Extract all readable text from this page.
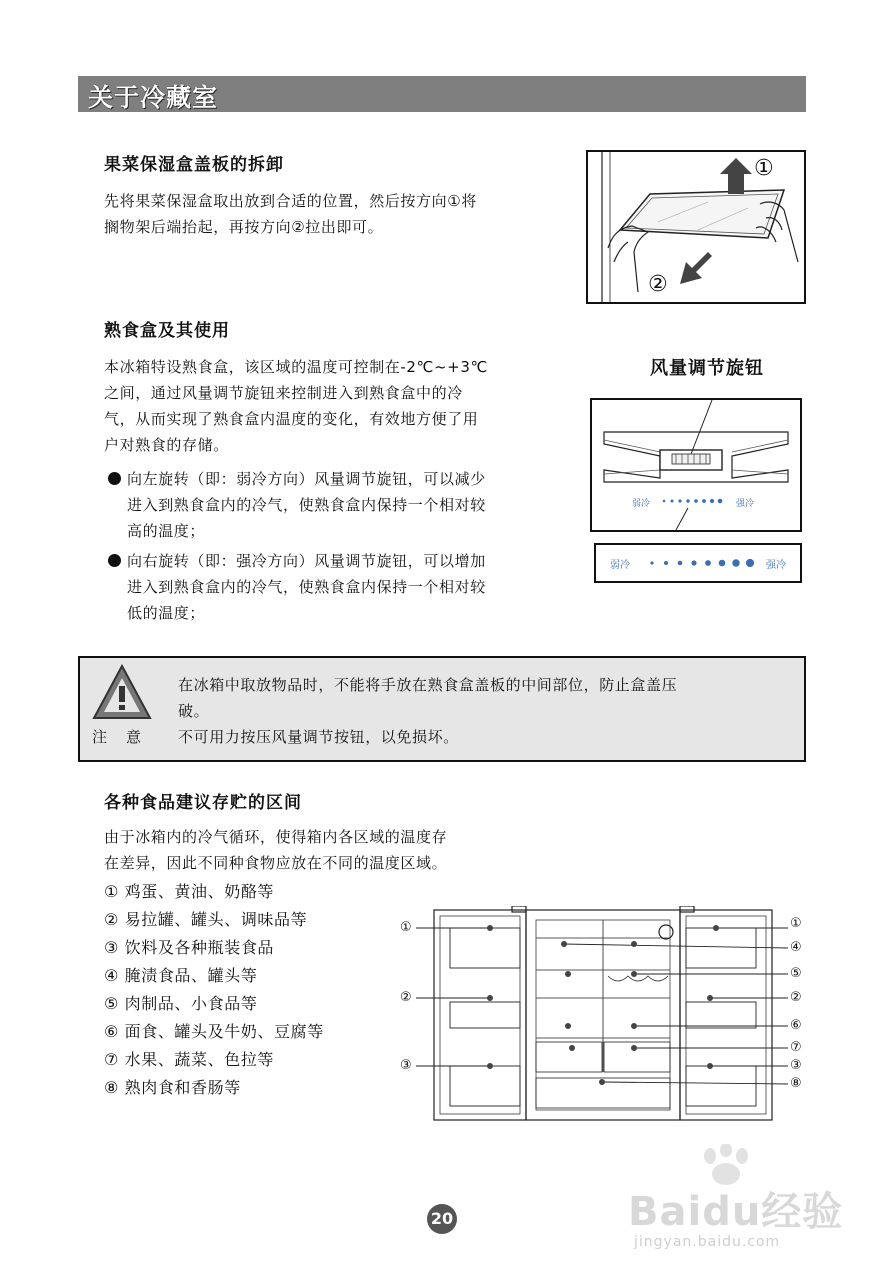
关于冷藏室
果菜保湿盒盖板的拆卸
先将果菜保湿盒取出放到合适的位置，然后按方向①将
搁物架后端抬起，再按方向②拉出即可。
①
②
熟食盒及其使用
本冰箱特设熟食盒，该区域的温度可控制在-2℃~+3℃
之间，通过风量调节旋钮来控制进入到熟食盒中的冷
气，从而实现了熟食盒内温度的变化，有效地方便了用
户对熟食的存储。
向左旋转（即：弱冷方向）风量调节旋钮，可以减少
进入到熟食盒内的冷气，使熟食盒内保持一个相对较
高的温度；
向右旋转（即：强冷方向）风量调节旋钮，可以增加
进入到熟食盒内的冷气，使熟食盒内保持一个相对较
低的温度；
风量调节旋钮
弱冷	强冷
弱冷	强冷
注　意
在冰箱中取放物品时，不能将手放在熟食盒盖板的中间部位，防止盒盖压
破。
不可用力按压风量调节按钮，以免损坏。
各种食品建议存贮的区间
由于冰箱内的冷气循环，使得箱内各区域的温度存
在差异，因此不同种食物应放在不同的温度区域。
① 鸡蛋、黄油、奶酪等
② 易拉罐、罐头、调味品等
③ 饮料及各种瓶装食品
④ 腌渍食品、罐头等
⑤ 肉制品、小食品等
⑥ 面食、罐头及牛奶、豆腐等
⑦ 水果、蔬菜、色拉等
⑧ 熟肉食和香肠等
①
②
③
①
④
⑤
②
⑥
⑦
③
⑧
20	Baidu经验
jingyan.baidu.com
